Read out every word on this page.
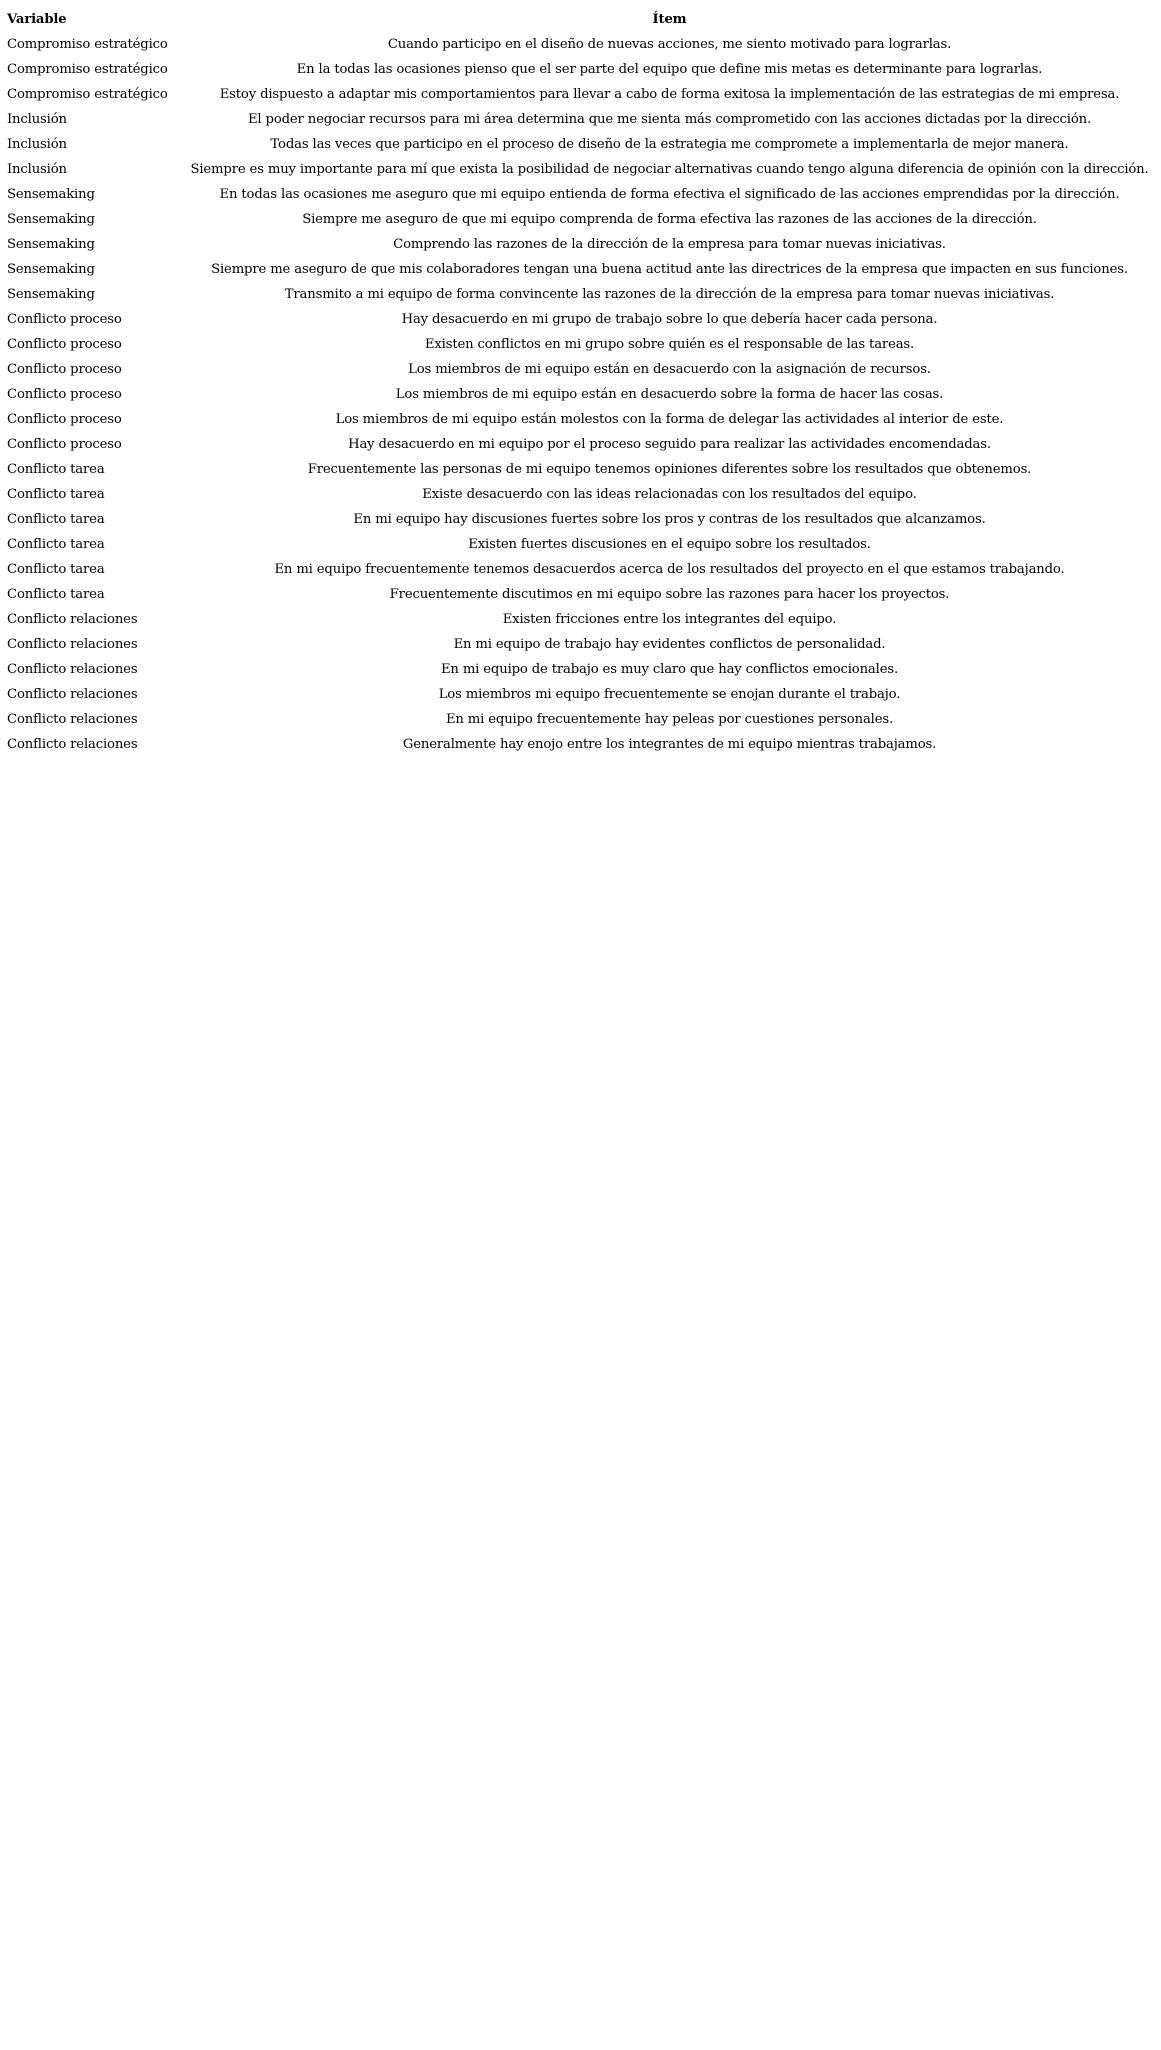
Variable	Ítem
Compromiso estratégico	Cuando participo en el diseño de nuevas acciones, me siento motivado para lograrlas.
Compromiso estratégico	En la todas las ocasiones pienso que el ser parte del equipo que define mis metas es determinante para lograrlas.
Compromiso estratégico	Estoy dispuesto a adaptar mis comportamientos para llevar a cabo de forma exitosa la implementación de las estrategias de mi empresa.
Inclusión	El poder negociar recursos para mi área determina que me sienta más comprometido con las acciones dictadas por la dirección.
Inclusión	Todas las veces que participo en el proceso de diseño de la estrategia me compromete a implementarla de mejor manera.
Inclusión	Siempre es muy importante para mí que exista la posibilidad de negociar alternativas cuando tengo alguna diferencia de opinión con la dirección.
Sensemaking	En todas las ocasiones me aseguro que mi equipo entienda de forma efectiva el significado de las acciones emprendidas por la dirección.
Sensemaking	Siempre me aseguro de que mi equipo comprenda de forma efectiva las razones de las acciones de la dirección.
Sensemaking	Comprendo las razones de la dirección de la empresa para tomar nuevas iniciativas.
Sensemaking	Siempre me aseguro de que mis colaboradores tengan una buena actitud ante las directrices de la empresa que impacten en sus funciones.
Sensemaking	Transmito a mi equipo de forma convincente las razones de la dirección de la empresa para tomar nuevas iniciativas.
Conflicto proceso	Hay desacuerdo en mi grupo de trabajo sobre lo que debería hacer cada persona.
Conflicto proceso	Existen conflictos en mi grupo sobre quién es el responsable de las tareas.
Conflicto proceso	Los miembros de mi equipo están en desacuerdo con la asignación de recursos.
Conflicto proceso	Los miembros de mi equipo están en desacuerdo sobre la forma de hacer las cosas.
Conflicto proceso	Los miembros de mi equipo están molestos con la forma de delegar las actividades al interior de este.
Conflicto proceso	Hay desacuerdo en mi equipo por el proceso seguido para realizar las actividades encomendadas.
Conflicto tarea	Frecuentemente las personas de mi equipo tenemos opiniones diferentes sobre los resultados que obtenemos.
Conflicto tarea	Existe desacuerdo con las ideas relacionadas con los resultados del equipo.
Conflicto tarea	En mi equipo hay discusiones fuertes sobre los pros y contras de los resultados que alcanzamos.
Conflicto tarea	Existen fuertes discusiones en el equipo sobre los resultados.
Conflicto tarea	En mi equipo frecuentemente tenemos desacuerdos acerca de los resultados del proyecto en el que estamos trabajando.
Conflicto tarea	Frecuentemente discutimos en mi equipo sobre las razones para hacer los proyectos.
Conflicto relaciones	Existen fricciones entre los integrantes del equipo.
Conflicto relaciones	En mi equipo de trabajo hay evidentes conflictos de personalidad.
Conflicto relaciones	En mi equipo de trabajo es muy claro que hay conflictos emocionales.
Conflicto relaciones	Los miembros mi equipo frecuentemente se enojan durante el trabajo.
Conflicto relaciones	En mi equipo frecuentemente hay peleas por cuestiones personales.
Conflicto relaciones	Generalmente hay enojo entre los integrantes de mi equipo mientras trabajamos.
